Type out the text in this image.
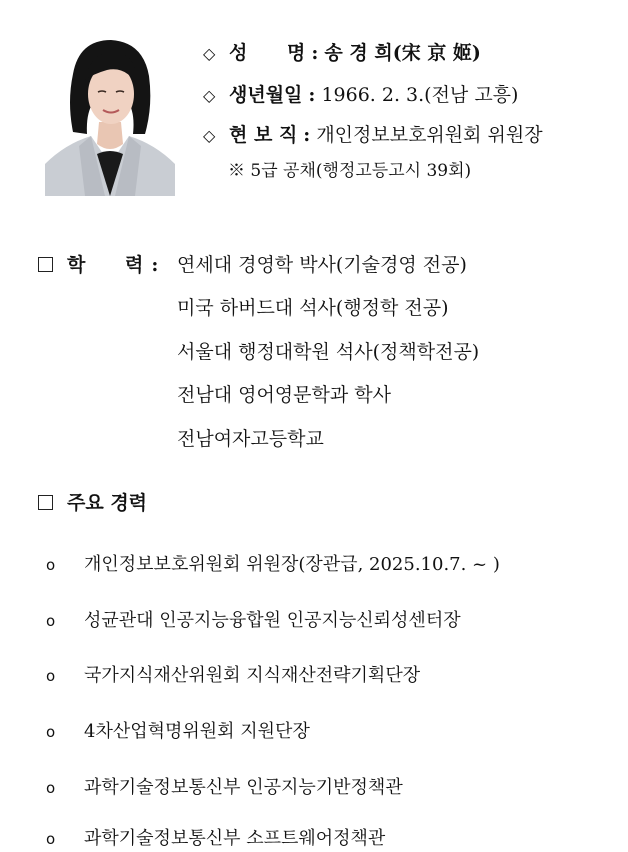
◇ 성      명 : 송 경 희(宋 京 姬)
◇ 생년월일 : 1966. 2. 3.(전남 고흥)
◇ 현 보 직 : 개인정보보호위원회 위원장
※ 5급 공채(행정고등고시 39회)
학      력 : 연세대 경영학 박사(기술경영 전공)
미국 하버드대 석사(행정학 전공)
서울대 행정대학원 석사(정책학전공)
전남대 영어영문학과 학사
전남여자고등학교
주요 경력
o 개인정보보호위원회 위원장(장관급, 2025.10.7. ~ )
o 성균관대 인공지능융합원 인공지능신뢰성센터장
o 국가지식재산위원회 지식재산전략기획단장
o 4차산업혁명위원회 지원단장
o 과학기술정보통신부 인공지능기반정책관
o 과학기술정보통신부 소프트웨어정책관
